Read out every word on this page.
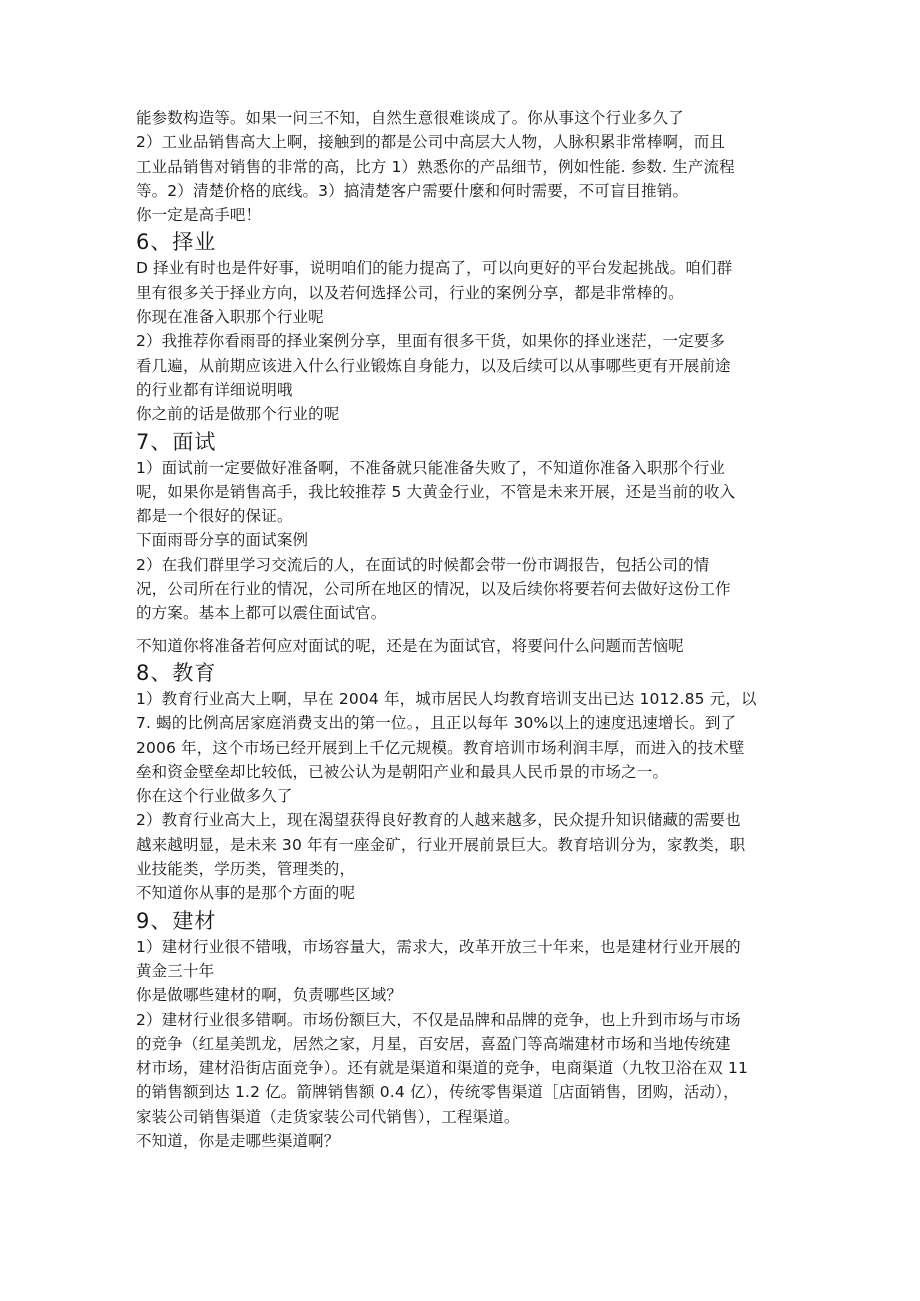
能参数构造等。如果一问三不知，自然生意很难谈成了。你从事这个行业多久了
2）工业品销售高大上啊，接触到的都是公司中高层大人物，人脉积累非常棒啊，而且
工业品销售对销售的非常的高，比方 1）熟悉你的产品细节，例如性能. 参数. 生产流程
等。2）清楚价格的底线。3）搞清楚客户需要什麼和何时需要，不可盲目推销。
你一定是高手吧！
6、择业
D 择业有时也是件好事，说明咱们的能力提高了，可以向更好的平台发起挑战。咱们群
里有很多关于择业方向，以及若何选择公司，行业的案例分享，都是非常棒的。
你现在准备入职那个行业呢
2）我推荐你看雨哥的择业案例分享，里面有很多干货，如果你的择业迷茫，一定要多
看几遍，从前期应该进入什么行业锻炼自身能力，以及后续可以从事哪些更有开展前途
的行业都有详细说明哦
你之前的话是做那个行业的呢
7、面试
1）面试前一定要做好准备啊，不准备就只能准备失败了，不知道你准备入职那个行业
呢，如果你是销售高手，我比较推荐 5 大黄金行业，不管是未来开展，还是当前的收入
都是一个很好的保证。
下面雨哥分享的面试案例
2）在我们群里学习交流后的人，在面试的时候都会带一份市调报告，包括公司的情
况，公司所在行业的情况，公司所在地区的情况，以及后续你将要若何去做好这份工作
的方案。基本上都可以震住面试官。
不知道你将准备若何应对面试的呢，还是在为面试官，将要问什么问题而苦恼呢
8、教育
1）教育行业高大上啊，早在 2004 年，城市居民人均教育培训支出已达 1012.85 元，以
7. 蝎的比例高居家庭消费支出的第一位。，且正以每年 30%以上的速度迅速增长。到了
2006 年，这个市场已经开展到上千亿元规模。教育培训市场利润丰厚，而进入的技术壁
垒和资金壁垒却比较低，已被公认为是朝阳产业和最具人民币景的市场之一。
你在这个行业做多久了
2）教育行业高大上，现在渴望获得良好教育的人越来越多，民众提升知识储藏的需要也
越来越明显，是未来 30 年有一座金矿，行业开展前景巨大。教育培训分为，家教类，职
业技能类，学历类，管理类的，
不知道你从事的是那个方面的呢
9、建材
1）建材行业很不错哦，市场容量大，需求大，改革开放三十年来，也是建材行业开展的
黄金三十年
你是做哪些建材的啊，负责哪些区域？
2）建材行业很多错啊。市场份额巨大，不仅是品牌和品牌的竞争，也上升到市场与市场
的竞争（红星美凯龙，居然之家，月星，百安居，喜盈门等高端建材市场和当地传统建
材市场，建材沿街店面竞争）。还有就是渠道和渠道的竞争，电商渠道（九牧卫浴在双 11
的销售额到达 1.2 亿。箭牌销售额 0.4 亿），传统零售渠道［店面销售，团购，活动），
家装公司销售渠道（走货家装公司代销售），工程渠道。
不知道，你是走哪些渠道啊？
